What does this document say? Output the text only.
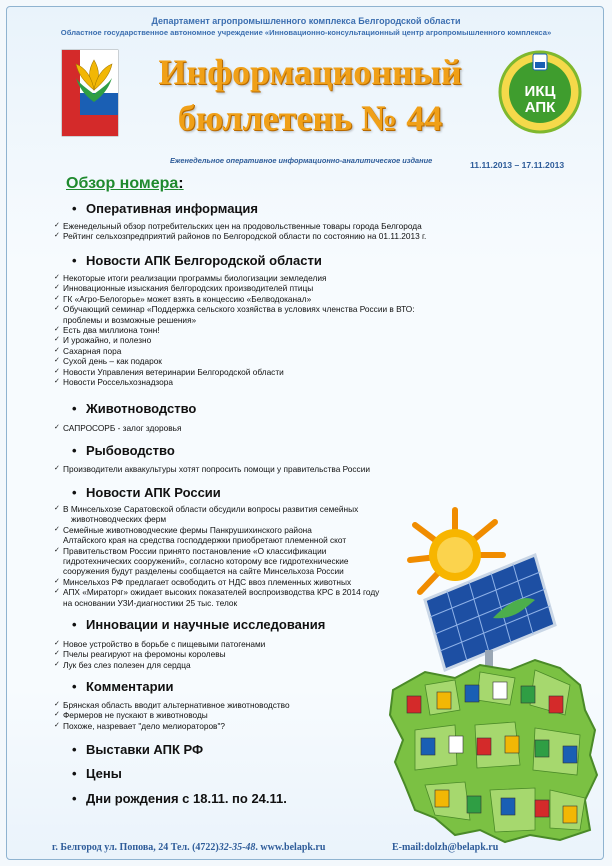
Департамент агропромышленного комплекса Белгородской области
Областное государственное автономное учреждение «Инновационно-консультационный центр агропромышленного комплекса»
Информационный
бюллетень № 44
ИКЦ
АПК
Еженедельное оперативное информационно-аналитическое издание	11.11.2013 – 17.11.2013
Обзор номера:
• Оперативная информация
✓ Еженедельный обзор потребительских цен на продовольственные товары города Белгорода
✓ Рейтинг сельхозпредприятий районов по Белгородской области по состоянию на 01.11.2013 г.
• Новости АПК Белгородской области
✓ Некоторые итоги реализации программы биологизации земледелия
✓ Инновационные изыскания белгородских производителей птицы
✓ ГК «Агро-Белогорье» может взять в концессию «Белводоканал»
✓ Обучающий семинар «Поддержка сельского хозяйства в условиях членства России в ВТО:
проблемы и возможные решения»
✓ Есть два миллиона тонн!
✓ И урожайно, и полезно
✓ Сахарная пора
✓ Сухой день – как подарок
✓ Новости Управления ветеринарии Белгородской области
✓ Новости Россельхознадзора
• Животноводство
✓ САПРОСОРБ - залог здоровья
• Рыбоводство
✓ Производители аквакультуры хотят попросить помощи у правительства России
• Новости АПК России
✓ В Минсельхозе Саратовской области обсудили вопросы развития семейных
животноводческих ферм
✓ Семейные животноводческие фермы Панкрушихинского района
Алтайского края на средства господдержки приобретают племенной скот
✓ Правительством России принято постановление «О классификации
гидротехнических сооружений», согласно которому все гидротехнические
сооружения будут разделены сообщается на сайте Минсельхоза России
✓ Минсельхоз РФ предлагает освободить от НДС ввоз племенных животных
✓ АПХ «Мираторг» ожидает высоких показателей воспроизводства КРС в 2014 году
на основании УЗИ-диагностики 25 тыс. телок
• Инновации и научные исследования
✓ Новое устройство в борьбе с пищевыми патогенами
✓ Пчелы реагируют на феромоны королевы
✓ Лук без слез полезен для сердца
• Комментарии
✓ Брянская область вводит альтернативное животноводство
✓ Фермеров не пускают в животноводы
✓ Похоже, назревает "дело мелиораторов"?
• Выставки АПК РФ
• Цены
• Дни рождения с 18.11. по 24.11.
г. Белгород ул. Попова, 24 Тел. (4722)32-35-48. www.belapk.ru	E-mail:dolzh@belapk.ru
